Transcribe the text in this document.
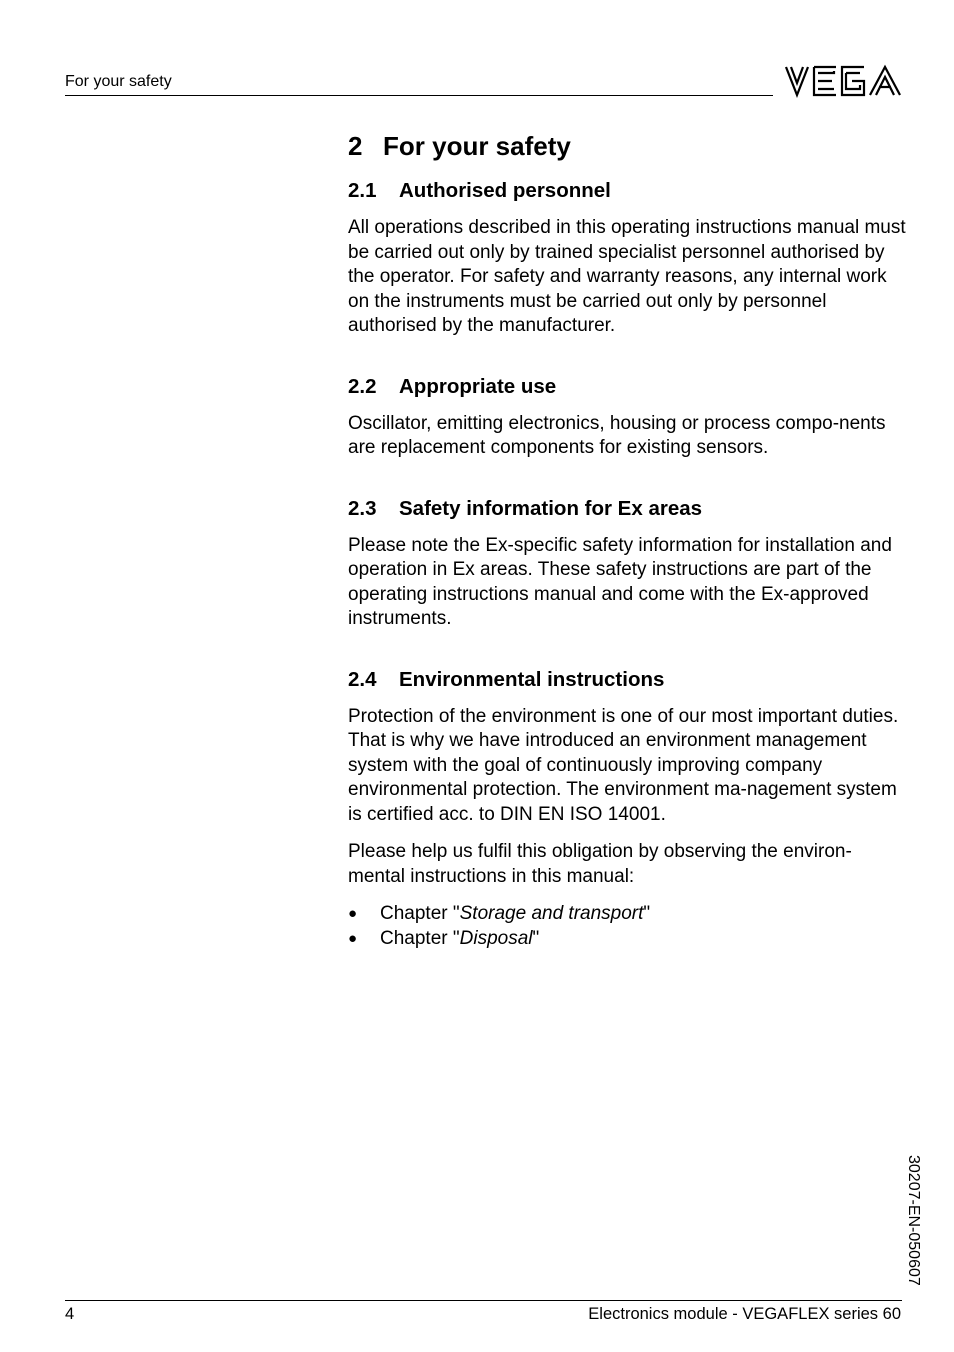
For your safety
2 For your safety
2.1 Authorised personnel

All operations described in this operating instructions manual must be carried out only by trained specialist personnel authorised by the operator. For safety and warranty reasons, any internal work on the instruments must be carried out only by personnel authorised by the manufacturer.

2.2 Appropriate use

Oscillator, emitting electronics, housing or process compo-nents are replacement components for existing sensors.

2.3 Safety information for Ex areas

Please note the Ex-specific safety information for installation and operation in Ex areas. These safety instructions are part of the operating instructions manual and come with the Ex-approved instruments.

2.4 Environmental instructions

Protection of the environment is one of our most important duties. That is why we have introduced an environment management system with the goal of continuously improving company environmental protection. The environment ma-nagement system is certified acc. to DIN EN ISO 14001.

Please help us fulfil this obligation by observing the environ-mental instructions in this manual:

● Chapter "Storage and transport"
● Chapter "Disposal"
30207-EN-050607
4	Electronics module - VEGAFLEX series 60
